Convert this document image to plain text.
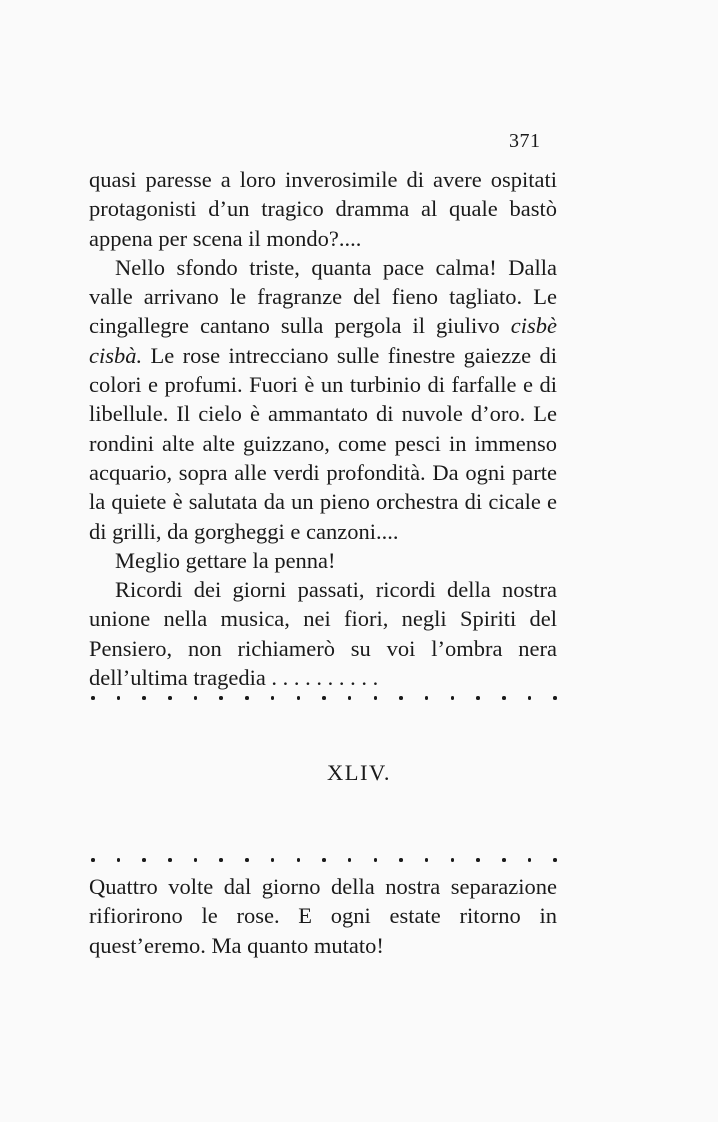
371

quasi paresse a loro inverosimile di avere ospitati protagonisti d’un tragico dramma al quale bastò appena per scena il mondo?....

Nello sfondo triste, quanta pace calma! Dalla valle arrivano le fragranze del fieno tagliato. Le cingallegre cantano sulla pergola il giulivo cisbè cisbà. Le rose intrecciano sulle finestre gaiezze di colori e profumi. Fuori è un turbinio di farfalle e di libellule. Il cielo è ammantato di nuvole d’oro. Le rondini alte alte guizzano, come pesci in immenso acquario, sopra alle verdi profondità. Da ogni parte la quiete è salutata da un pieno orchestra di cicale e di grilli, da gorgheggi e canzoni....

Meglio gettare la penna!

Ricordi dei giorni passati, ricordi della nostra unione nella musica, nei fiori, negli Spiriti del Pensiero, non richiamerò su voi l’ombra nera dell’ultima tragedia . . . . . . . . . .

XLIV.

Quattro volte dal giorno della nostra separazione rifiorirono le rose. E ogni estate ritorno in quest’eremo. Ma quanto mutato!
